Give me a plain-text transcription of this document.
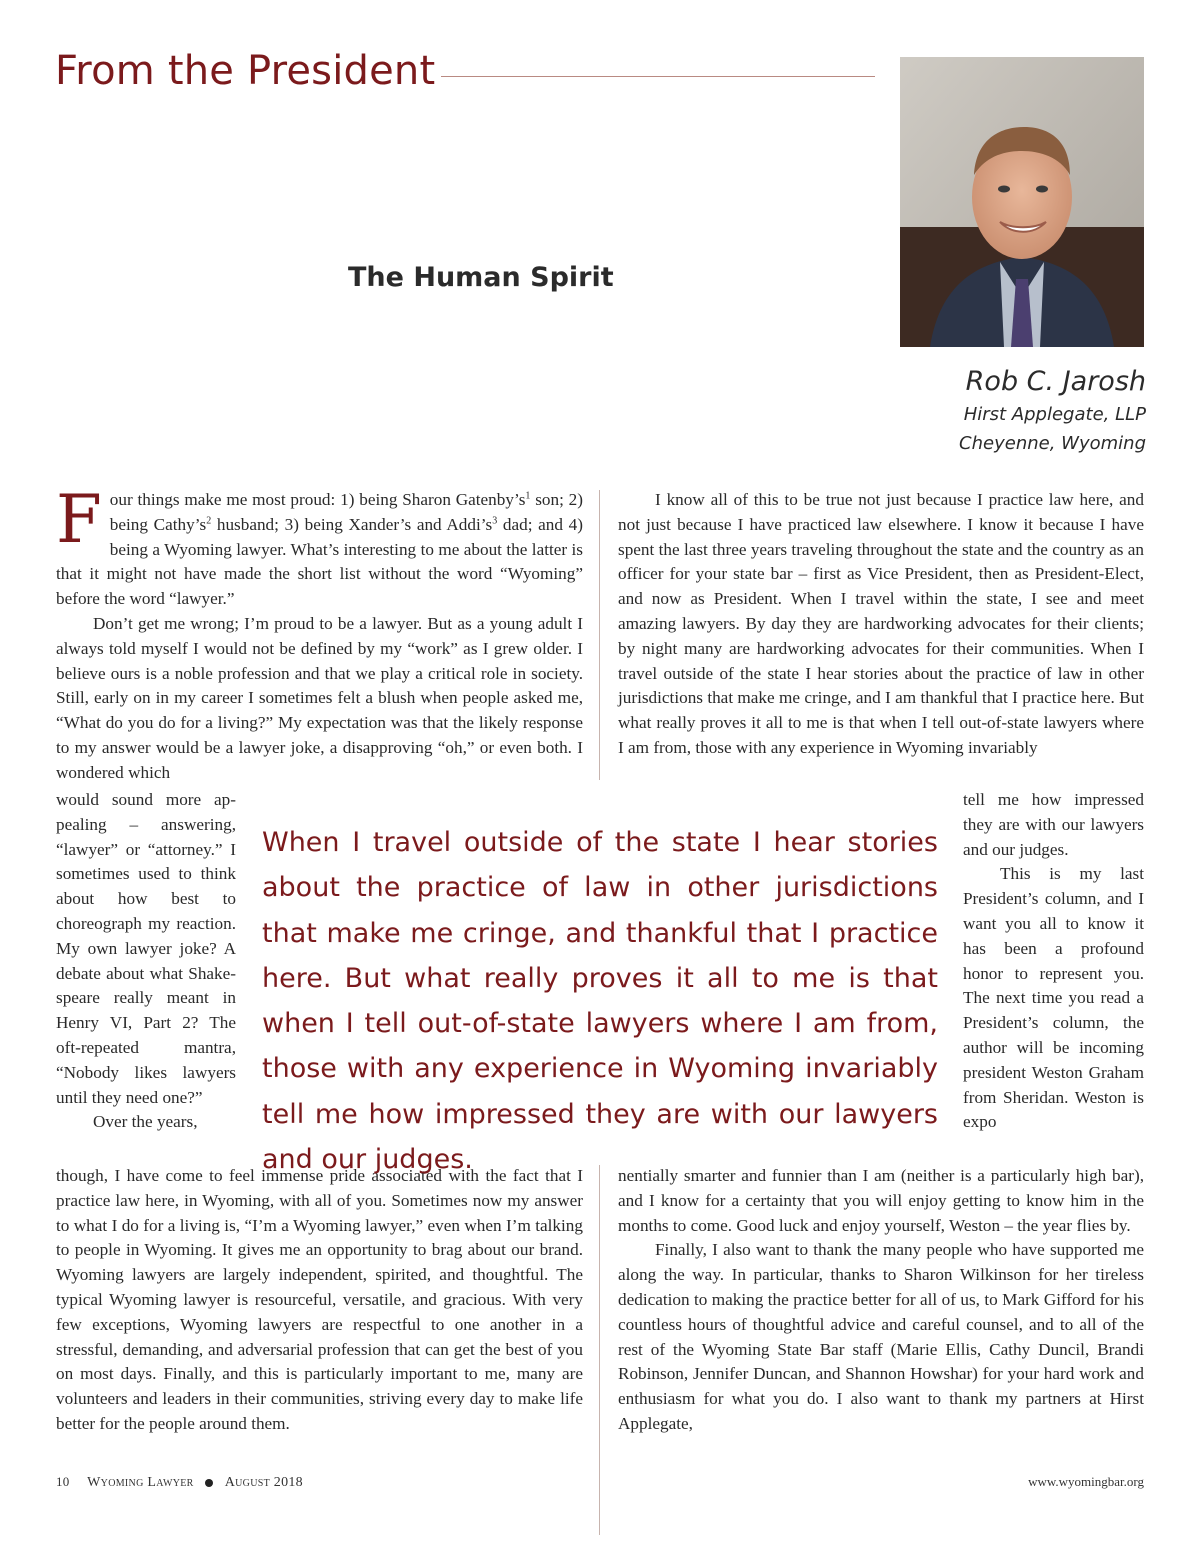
From the President
The Human Spirit
Rob C. Jarosh
Hirst Applegate, LLP
Cheyenne, Wyoming

Four things make me most proud: 1) being Sharon $Gatenby’s^1$ son; 2) being $Cathy’s^2$ husband; 3) being Xander’s and $Addi’s^3$ dad; and 4) being a Wyoming lawyer. What’s interesting to me about the latter is that it might not have made the short list without the word “Wyoming” before the word “lawyer.”

Don’t get me wrong; I’m proud to be a lawyer. But as a young adult I always told myself I would not be defined by my “work” as I grew older. I believe ours is a noble profession and that we play a critical role in society. Still, early on in my career I sometimes felt a blush when people asked me, “What do you do for a living?” My expectation was that the likely response to my answer would be a lawyer joke, a disapproving “oh,” or even both. I wondered which

would sound more appealing – answering, “lawyer” or “attorney.” I sometimes used to think about how best to choreograph my reaction. My own lawyer joke? A debate about what Shakespeare really meant in Henry VI, Part 2? The oft-repeated mantra, “Nobody likes lawyers until they need one?”

Over the years,

though, I have come to feel immense pride associated with the fact that I practice law here, in Wyoming, with all of you. Sometimes now my answer to what I do for a living is, “I’m a Wyoming lawyer,” even when I’m talking to people in Wyoming. It gives me an opportunity to brag about our brand. Wyoming lawyers are largely independent, spirited, and thoughtful. The typical Wyoming lawyer is resourceful, versatile, and gracious. With very few exceptions, Wyoming lawyers are respectful to one another in a stressful, demanding, and adversarial profession that can get the best of you on most days. Finally, and this is particularly important to me, many are volunteers and leaders in their communities, striving every day to make life better for the people around them.

I know all of this to be true not just because I practice law here, and not just because I have practiced law elsewhere. I know it because I have spent the last three years traveling throughout the state and the country as an officer for your state bar – first as Vice President, then as President-Elect, and now as President. When I travel within the state, I see and meet amazing lawyers. By day they are hardworking advocates for their clients; by night many are hardworking advocates for their communities. When I travel outside of the state I hear stories about the practice of law in other jurisdictions that make me cringe, and I am thankful that I practice here. But what really proves it all to me is that when I tell out-of-state lawyers where I am from, those with any experience in Wyoming invariably

tell me how impressed they are with our lawyers and our judges.

This is my last President’s column, and I want you all to know it has been a profound honor to represent you. The next time you read a President’s column, the author will be incoming president Weston Graham from Sheridan. Weston is expo

nentially smarter and funnier than I am (neither is a particularly high bar), and I know for a certainty that you will enjoy getting to know him in the months to come. Good luck and enjoy yourself, Weston – the year flies by.

Finally, I also want to thank the many people who have supported me along the way. In particular, thanks to Sharon Wilkinson for her tireless dedication to making the practice better for all of us, to Mark Gifford for his countless hours of thoughtful advice and careful counsel, and to all of the rest of the Wyoming State Bar staff (Marie Ellis, Cathy Duncil, Brandi Robinson, Jennifer Duncan, and Shannon Howshar) for your hard work and enthusiasm for what you do. I also want to thank my partners at Hirst Applegate,

When I travel outside of the state I hear stories about the practice of law in other jurisdictions that make me cringe, and thankful that I practice here. But what really proves it all to me is that when I tell out-of-state lawyers where I am from, those with any experience in Wyoming invariably tell me how impressed they are with our lawyers and our judges.

10 Wyoming Lawyer August 2018	www.wyomingbar.org
